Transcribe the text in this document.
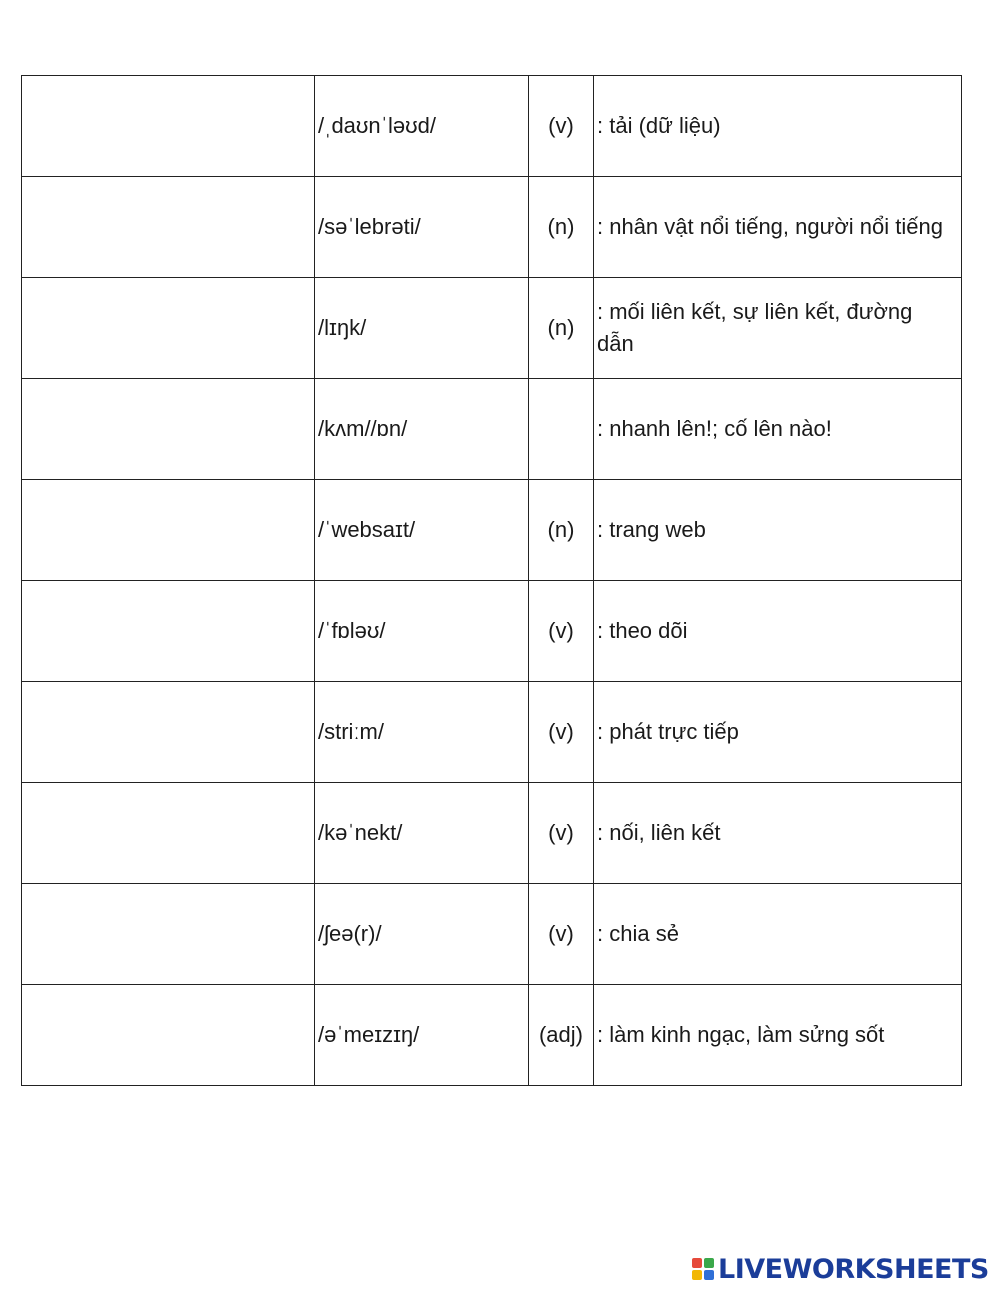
	/ˌdaʊnˈləʊd/	(v)	: tải (dữ liệu)

	/səˈlebrəti/	(n)	: nhân vật nổi tiếng, người nổi tiếng

	/lɪŋk/	(n)	: mối liên kết, sự liên kết, đường dẫn

	/kʌm//ɒn/		: nhanh lên!; cố lên nào!

	/ˈwebsaɪt/	(n)	: trang web

	/ˈfɒləʊ/	(v)	: theo dõi

	/striːm/	(v)	: phát trực tiếp

	/kəˈnekt/	(v)	: nối, liên kết

	/ʃeə(r)/	(v)	: chia sẻ

	/əˈmeɪzɪŋ/	(adj)	: làm kinh ngạc, làm sửng sốt
LIVEWORKSHEETS
